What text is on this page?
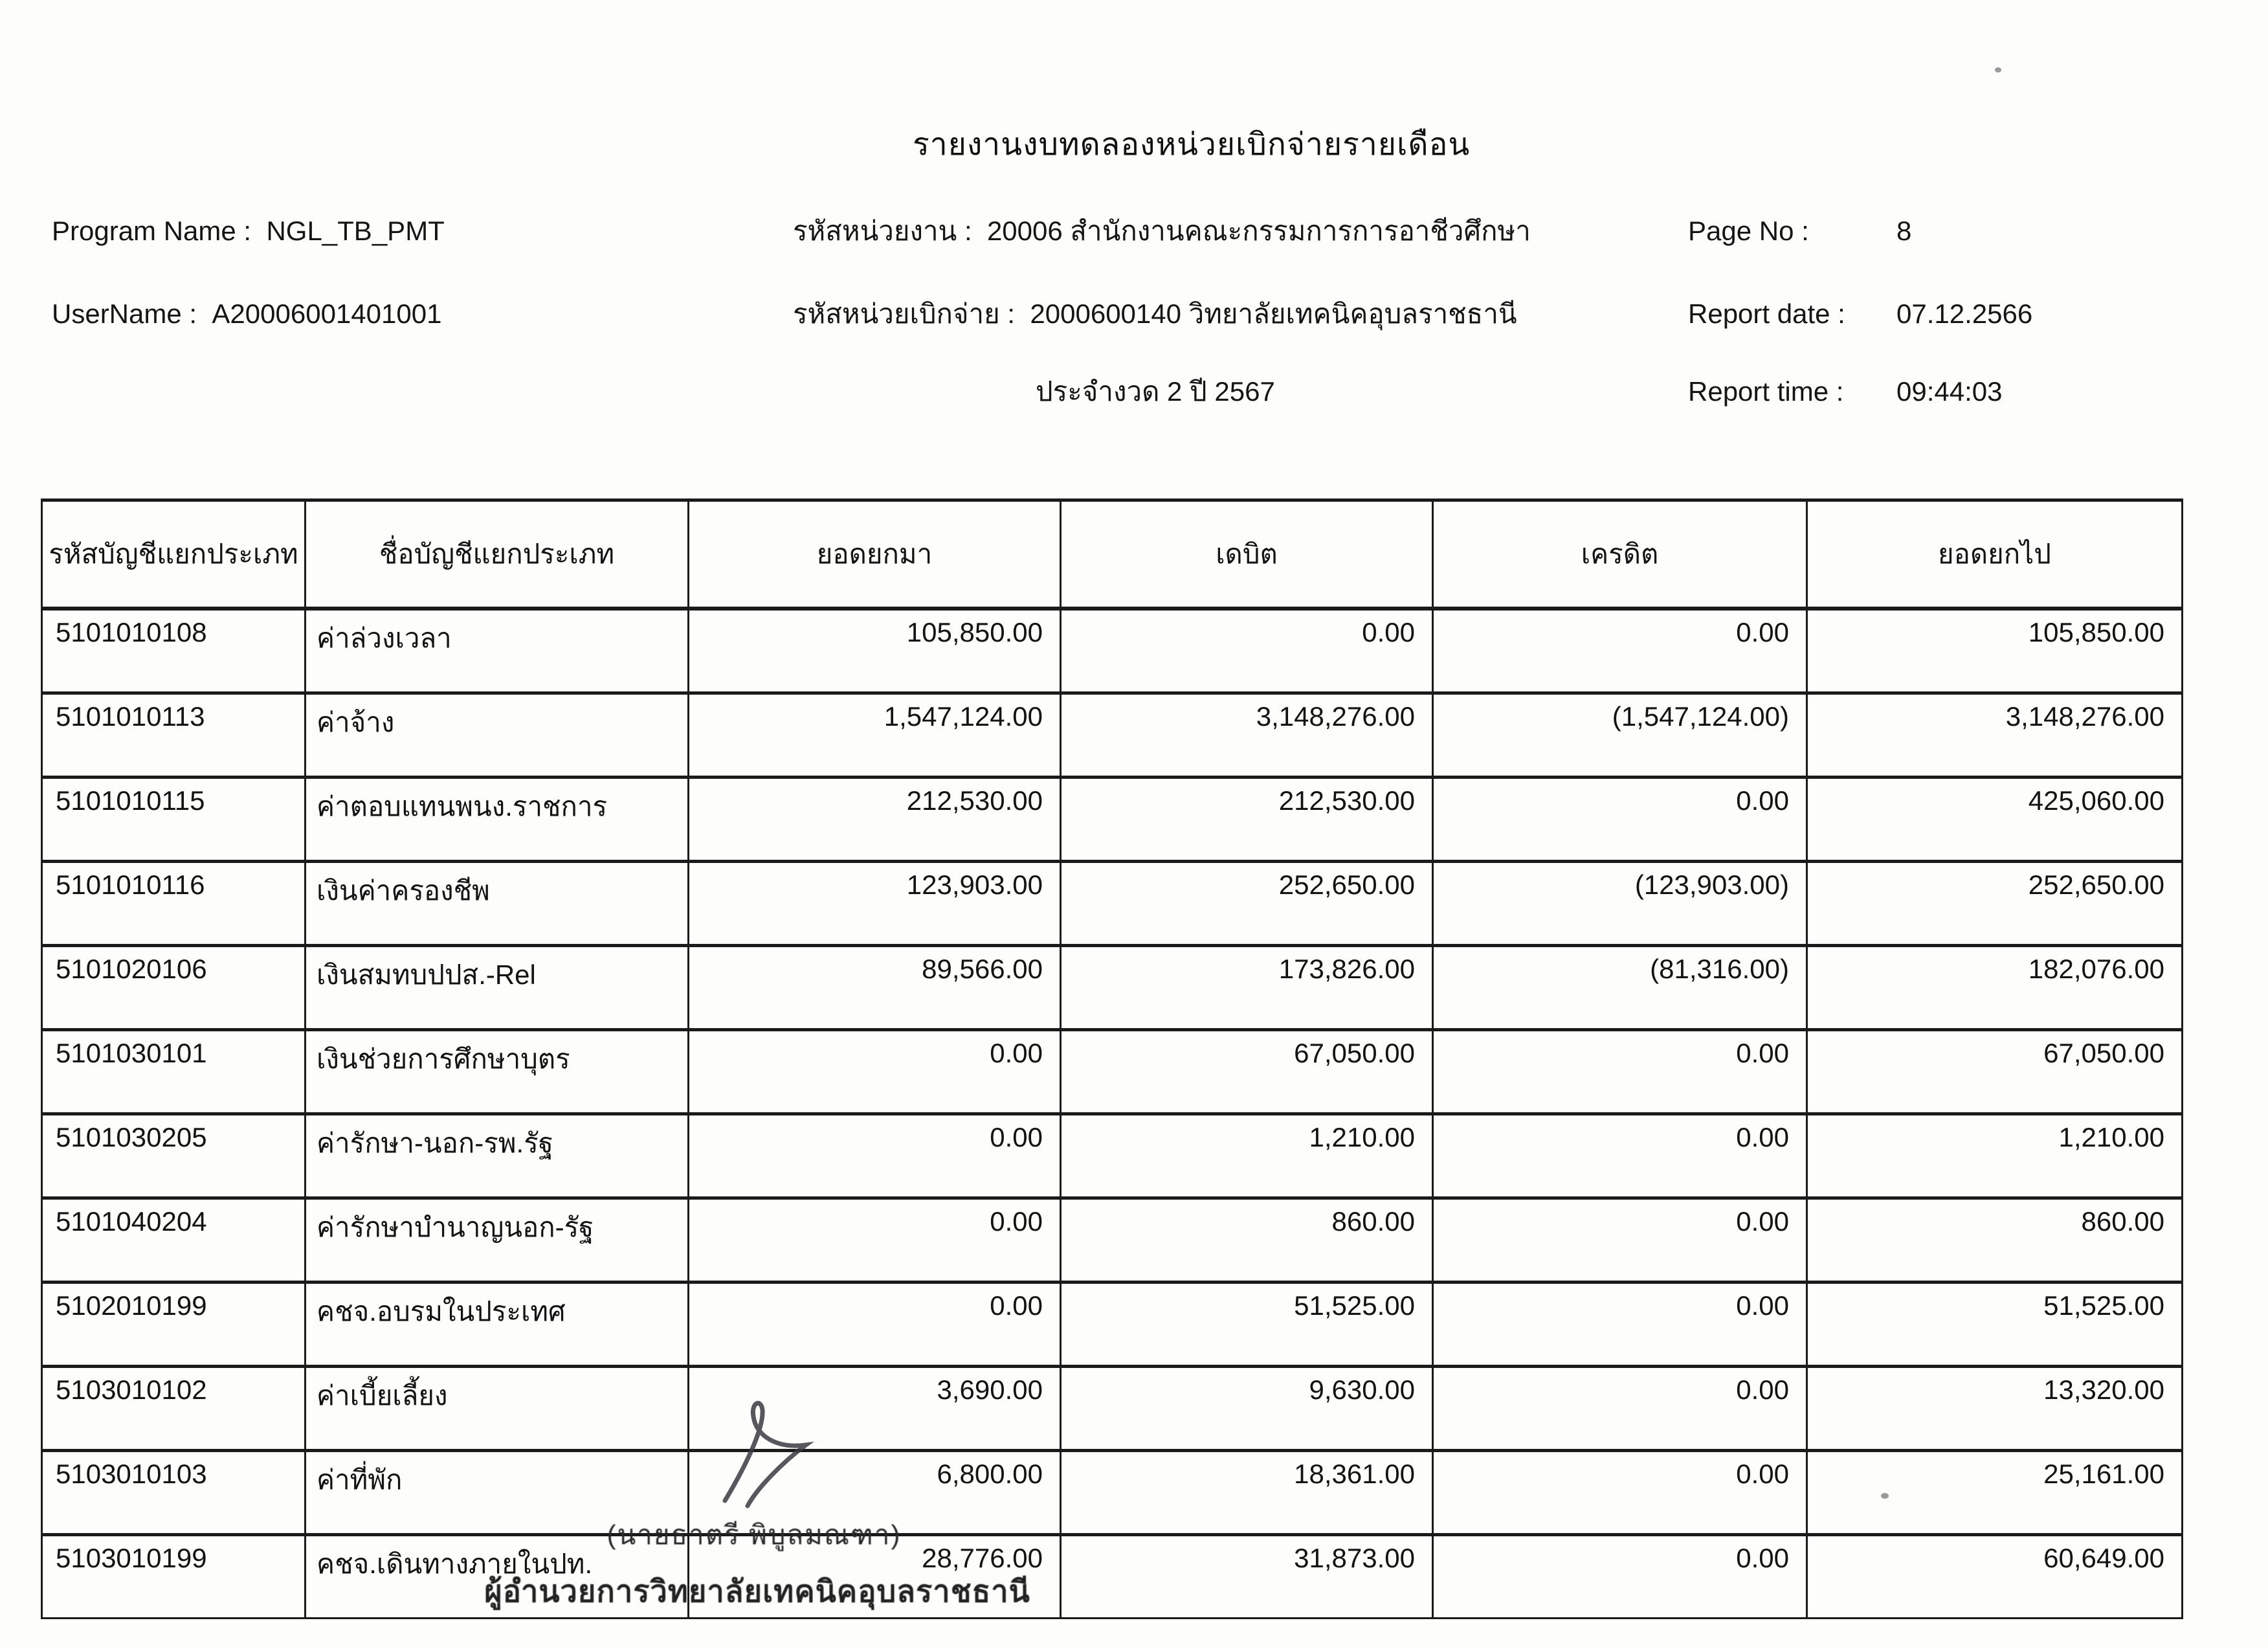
รายงานงบทดลองหน่วยเบิกจ่ายรายเดือน
Program Name : NGL_TB_PMT
UserName : A20006001401001
รหัสหน่วยงาน : 20006 สำนักงานคณะกรรมการการอาชีวศึกษา
รหัสหน่วยเบิกจ่าย : 2000600140 วิทยาลัยเทคนิคอุบลราชธานี
ประจำงวด 2 ปี 2567
Page No :	8
Report date : 07.12.2566
Report time : 09:44:03
รหัสบัญชีแยกประเภท	ชื่อบัญชีแยกประเภท	ยอดยกมา	เดบิต	เครดิต	ยอดยกไป
5101010108	ค่าล่วงเวลา	105,850.00	0.00	0.00	105,850.00
5101010113	ค่าจ้าง	1,547,124.00	3,148,276.00	(1,547,124.00)	3,148,276.00
5101010115	ค่าตอบแทนพนง.ราชการ	212,530.00	212,530.00	0.00	425,060.00
5101010116	เงินค่าครองชีพ	123,903.00	252,650.00	(123,903.00)	252,650.00
5101020106	เงินสมทบปปส.-Rel	89,566.00	173,826.00	(81,316.00)	182,076.00
5101030101	เงินช่วยการศึกษาบุตร	0.00	67,050.00	0.00	67,050.00
5101030205	ค่ารักษา-นอก-รพ.รัฐ	0.00	1,210.00	0.00	1,210.00
5101040204	ค่ารักษาบำนาญนอก-รัฐ	0.00	860.00	0.00	860.00
5102010199	คชจ.อบรมในประเทศ	0.00	51,525.00	0.00	51,525.00
5103010102	ค่าเบี้ยเลี้ยง	3,690.00	9,630.00	0.00	13,320.00
5103010103	ค่าที่พัก	6,800.00	18,361.00	0.00	25,161.00
5103010199	คชจ.เดินทางภายในปท.	28,776.00	31,873.00	0.00	60,649.00
(นายธาตรี พิบูลมณฑา)
ผู้อำนวยการวิทยาลัยเทคนิคอุบลราชธานี
